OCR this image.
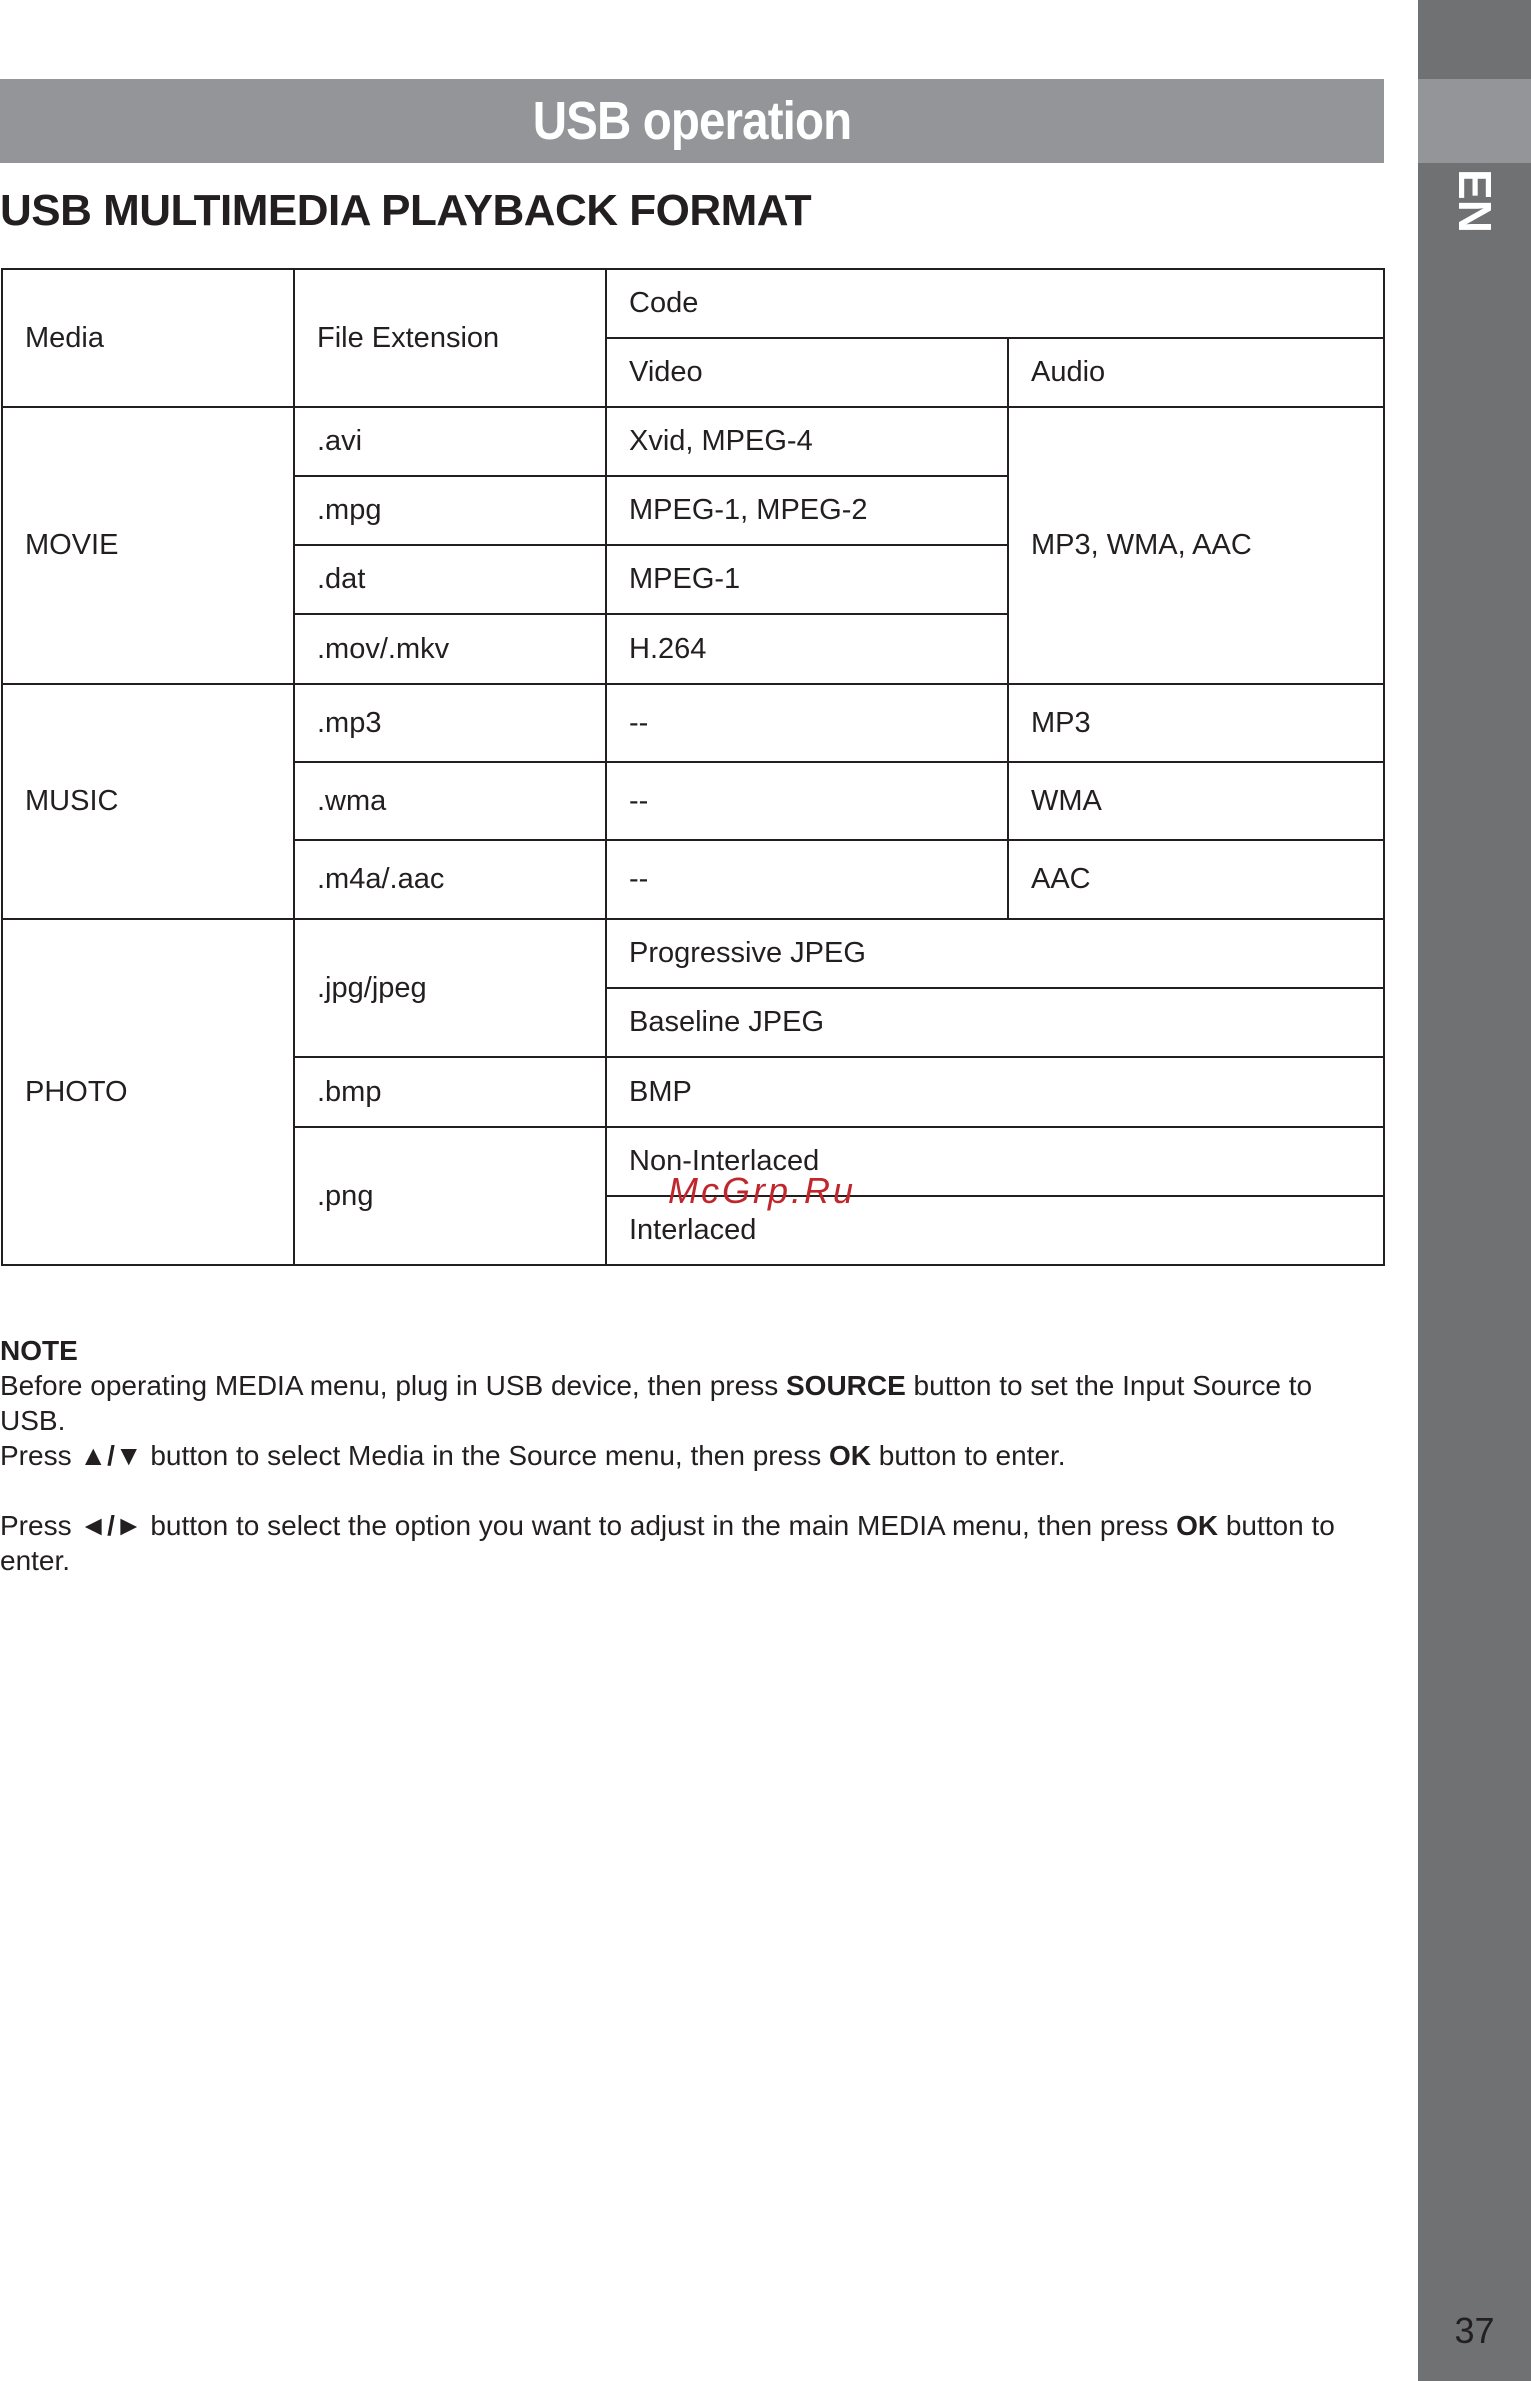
EN
37
USB operation
USB MULTIMEDIA PLAYBACK FORMAT
Media	File Extension	Code	
		Video	Audio
MOVIE	.avi	Xvid, MPEG-4	MP3, WMA, AAC
	.mpg	MPEG-1, MPEG-2	
	.dat	MPEG-1	
	.mov/.mkv	H.264	
MUSIC	.mp3	--	MP3
	.wma	--	WMA
	.m4a/.aac	--	AAC
PHOTO	.jpg/jpeg	Progressive JPEG	
		Baseline JPEG	
	.bmp	BMP	
	.png	Non-Interlaced	
		Interlaced	
McGrp.Ru

NOTE

Before operating MEDIA menu, plug in USB device, then press SOURCE button to set the Input Source to USB.

Press ▲/▼ button to select Media in the Source menu, then press OK button to enter.

Press ◄/► button to select the option you want to adjust in the main MEDIA menu, then press OK button to enter.
